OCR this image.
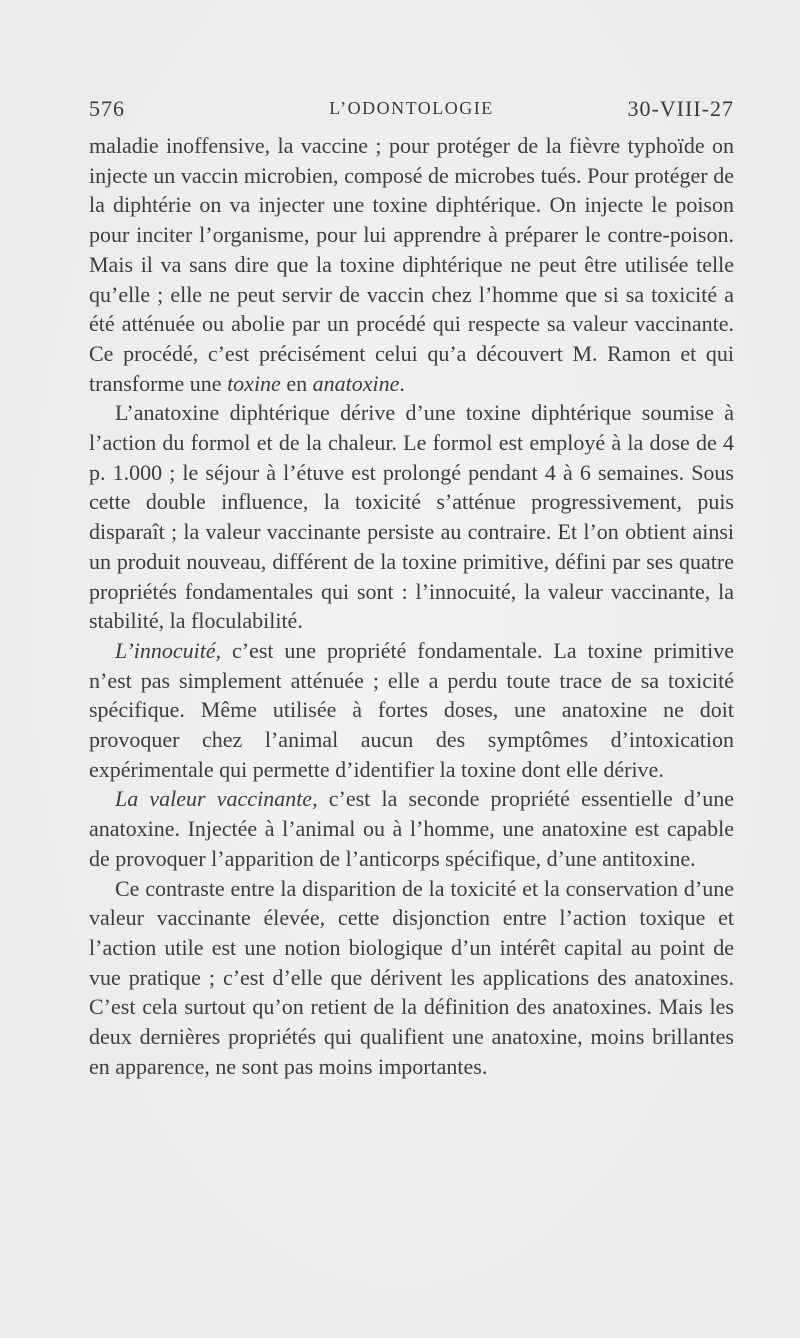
576	L’ODONTOLOGIE	30-VIII-27

maladie inoffensive, la vaccine ; pour protéger de la fièvre typhoïde on injecte un vaccin microbien, composé de microbes tués. Pour protéger de la diphtérie on va injecter une toxine diphtérique. On injecte le poison pour inciter l’organisme, pour lui apprendre à préparer le contre-poison. Mais il va sans dire que la toxine diphtérique ne peut être utilisée telle qu’elle ; elle ne peut servir de vaccin chez l’homme que si sa toxicité a été atténuée ou abolie par un procédé qui respecte sa valeur vaccinante. Ce procédé, c’est précisément celui qu’a découvert M. Ramon et qui transforme une toxine en anatoxine.

L’anatoxine diphtérique dérive d’une toxine diphtérique soumise à l’action du formol et de la chaleur. Le formol est employé à la dose de 4 p. 1.000 ; le séjour à l’étuve est prolongé pendant 4 à 6 semaines. Sous cette double influence, la toxicité s’atténue progressivement, puis disparaît ; la valeur vaccinante persiste au contraire. Et l’on obtient ainsi un produit nouveau, différent de la toxine primitive, défini par ses quatre propriétés fondamentales qui sont : l’innocuité, la valeur vaccinante, la stabilité, la floculabilité.

L’innocuité, c’est une propriété fondamentale. La toxine primitive n’est pas simplement atténuée ; elle a perdu toute trace de sa toxicité spécifique. Même utilisée à fortes doses, une anatoxine ne doit provoquer chez l’animal aucun des symptômes d’intoxication expérimentale qui permette d’identifier la toxine dont elle dérive.

La valeur vaccinante, c’est la seconde propriété essentielle d’une anatoxine. Injectée à l’animal ou à l’homme, une anatoxine est capable de provoquer l’apparition de l’anticorps spécifique, d’une antitoxine.

Ce contraste entre la disparition de la toxicité et la conservation d’une valeur vaccinante élevée, cette disjonction entre l’action toxique et l’action utile est une notion biologique d’un intérêt capital au point de vue pratique ; c’est d’elle que dérivent les applications des anatoxines. C’est cela surtout qu’on retient de la définition des anatoxines. Mais les deux dernières propriétés qui qualifient une anatoxine, moins brillantes en apparence, ne sont pas moins importantes.
